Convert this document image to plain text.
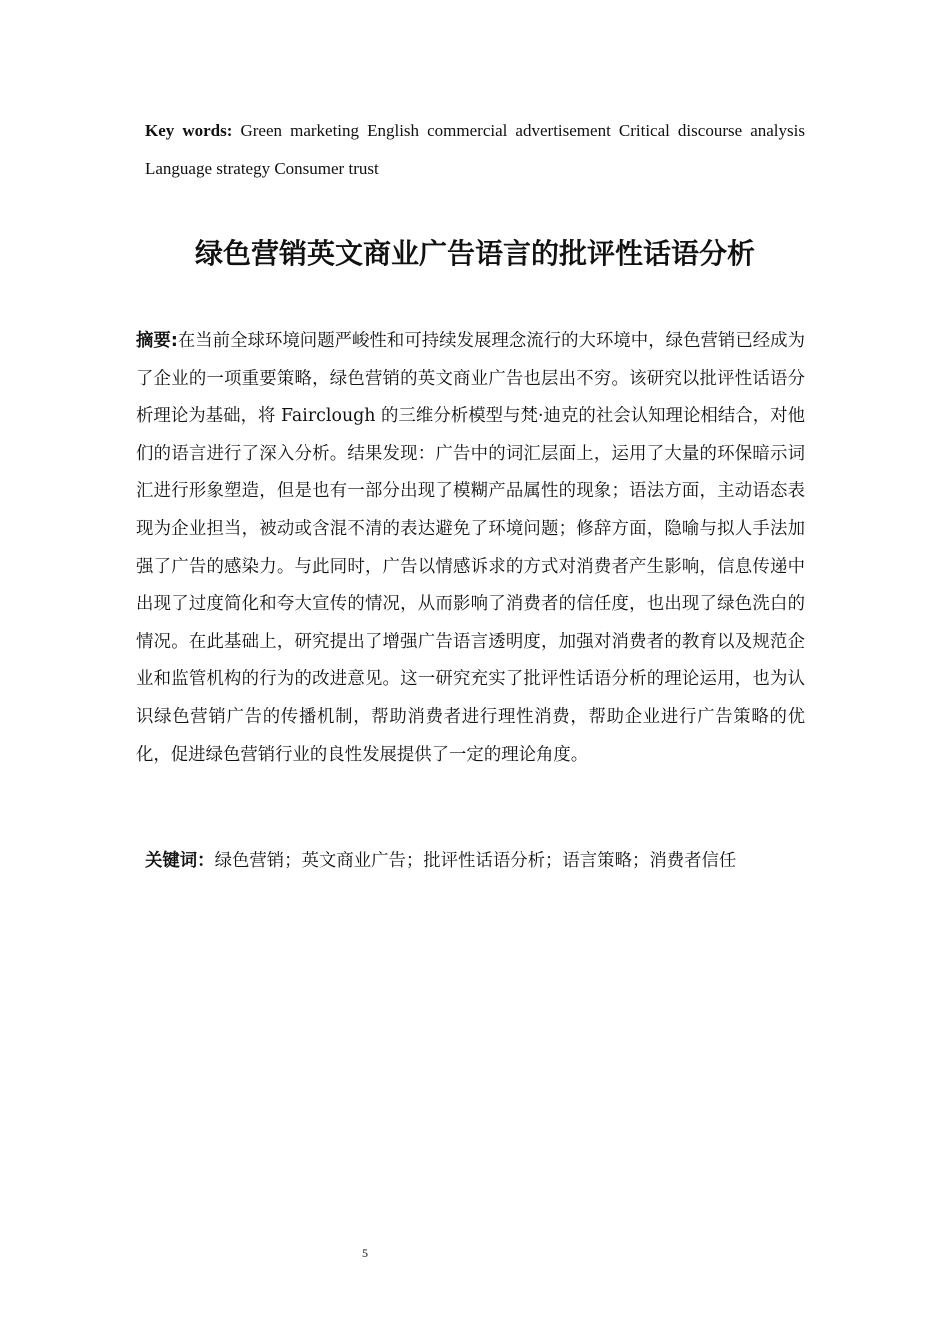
Key words: Green marketing English commercial advertisement Critical discourse analysis Language strategy Consumer trust
绿色营销英文商业广告语言的批评性话语分析
摘要:在当前全球环境问题严峻性和可持续发展理念流行的大环境中，绿色营销已经成为了企业的一项重要策略，绿色营销的英文商业广告也层出不穷。该研究以批评性话语分析理论为基础，将 Fairclough 的三维分析模型与梵·迪克的社会认知理论相结合，对他们的语言进行了深入分析。结果发现：广告中的词汇层面上，运用了大量的环保暗示词汇进行形象塑造，但是也有一部分出现了模糊产品属性的现象；语法方面，主动语态表现为企业担当，被动或含混不清的表达避免了环境问题；修辞方面，隐喻与拟人手法加强了广告的感染力。与此同时，广告以情感诉求的方式对消费者产生影响，信息传递中出现了过度简化和夸大宣传的情况，从而影响了消费者的信任度，也出现了绿色洗白的情况。在此基础上，研究提出了增强广告语言透明度，加强对消费者的教育以及规范企业和监管机构的行为的改进意见。这一研究充实了批评性话语分析的理论运用，也为认识绿色营销广告的传播机制，帮助消费者进行理性消费，帮助企业进行广告策略的优化，促进绿色营销行业的良性发展提供了一定的理论角度。
关键词：绿色营销；英文商业广告；批评性话语分析；语言策略；消费者信任
5
